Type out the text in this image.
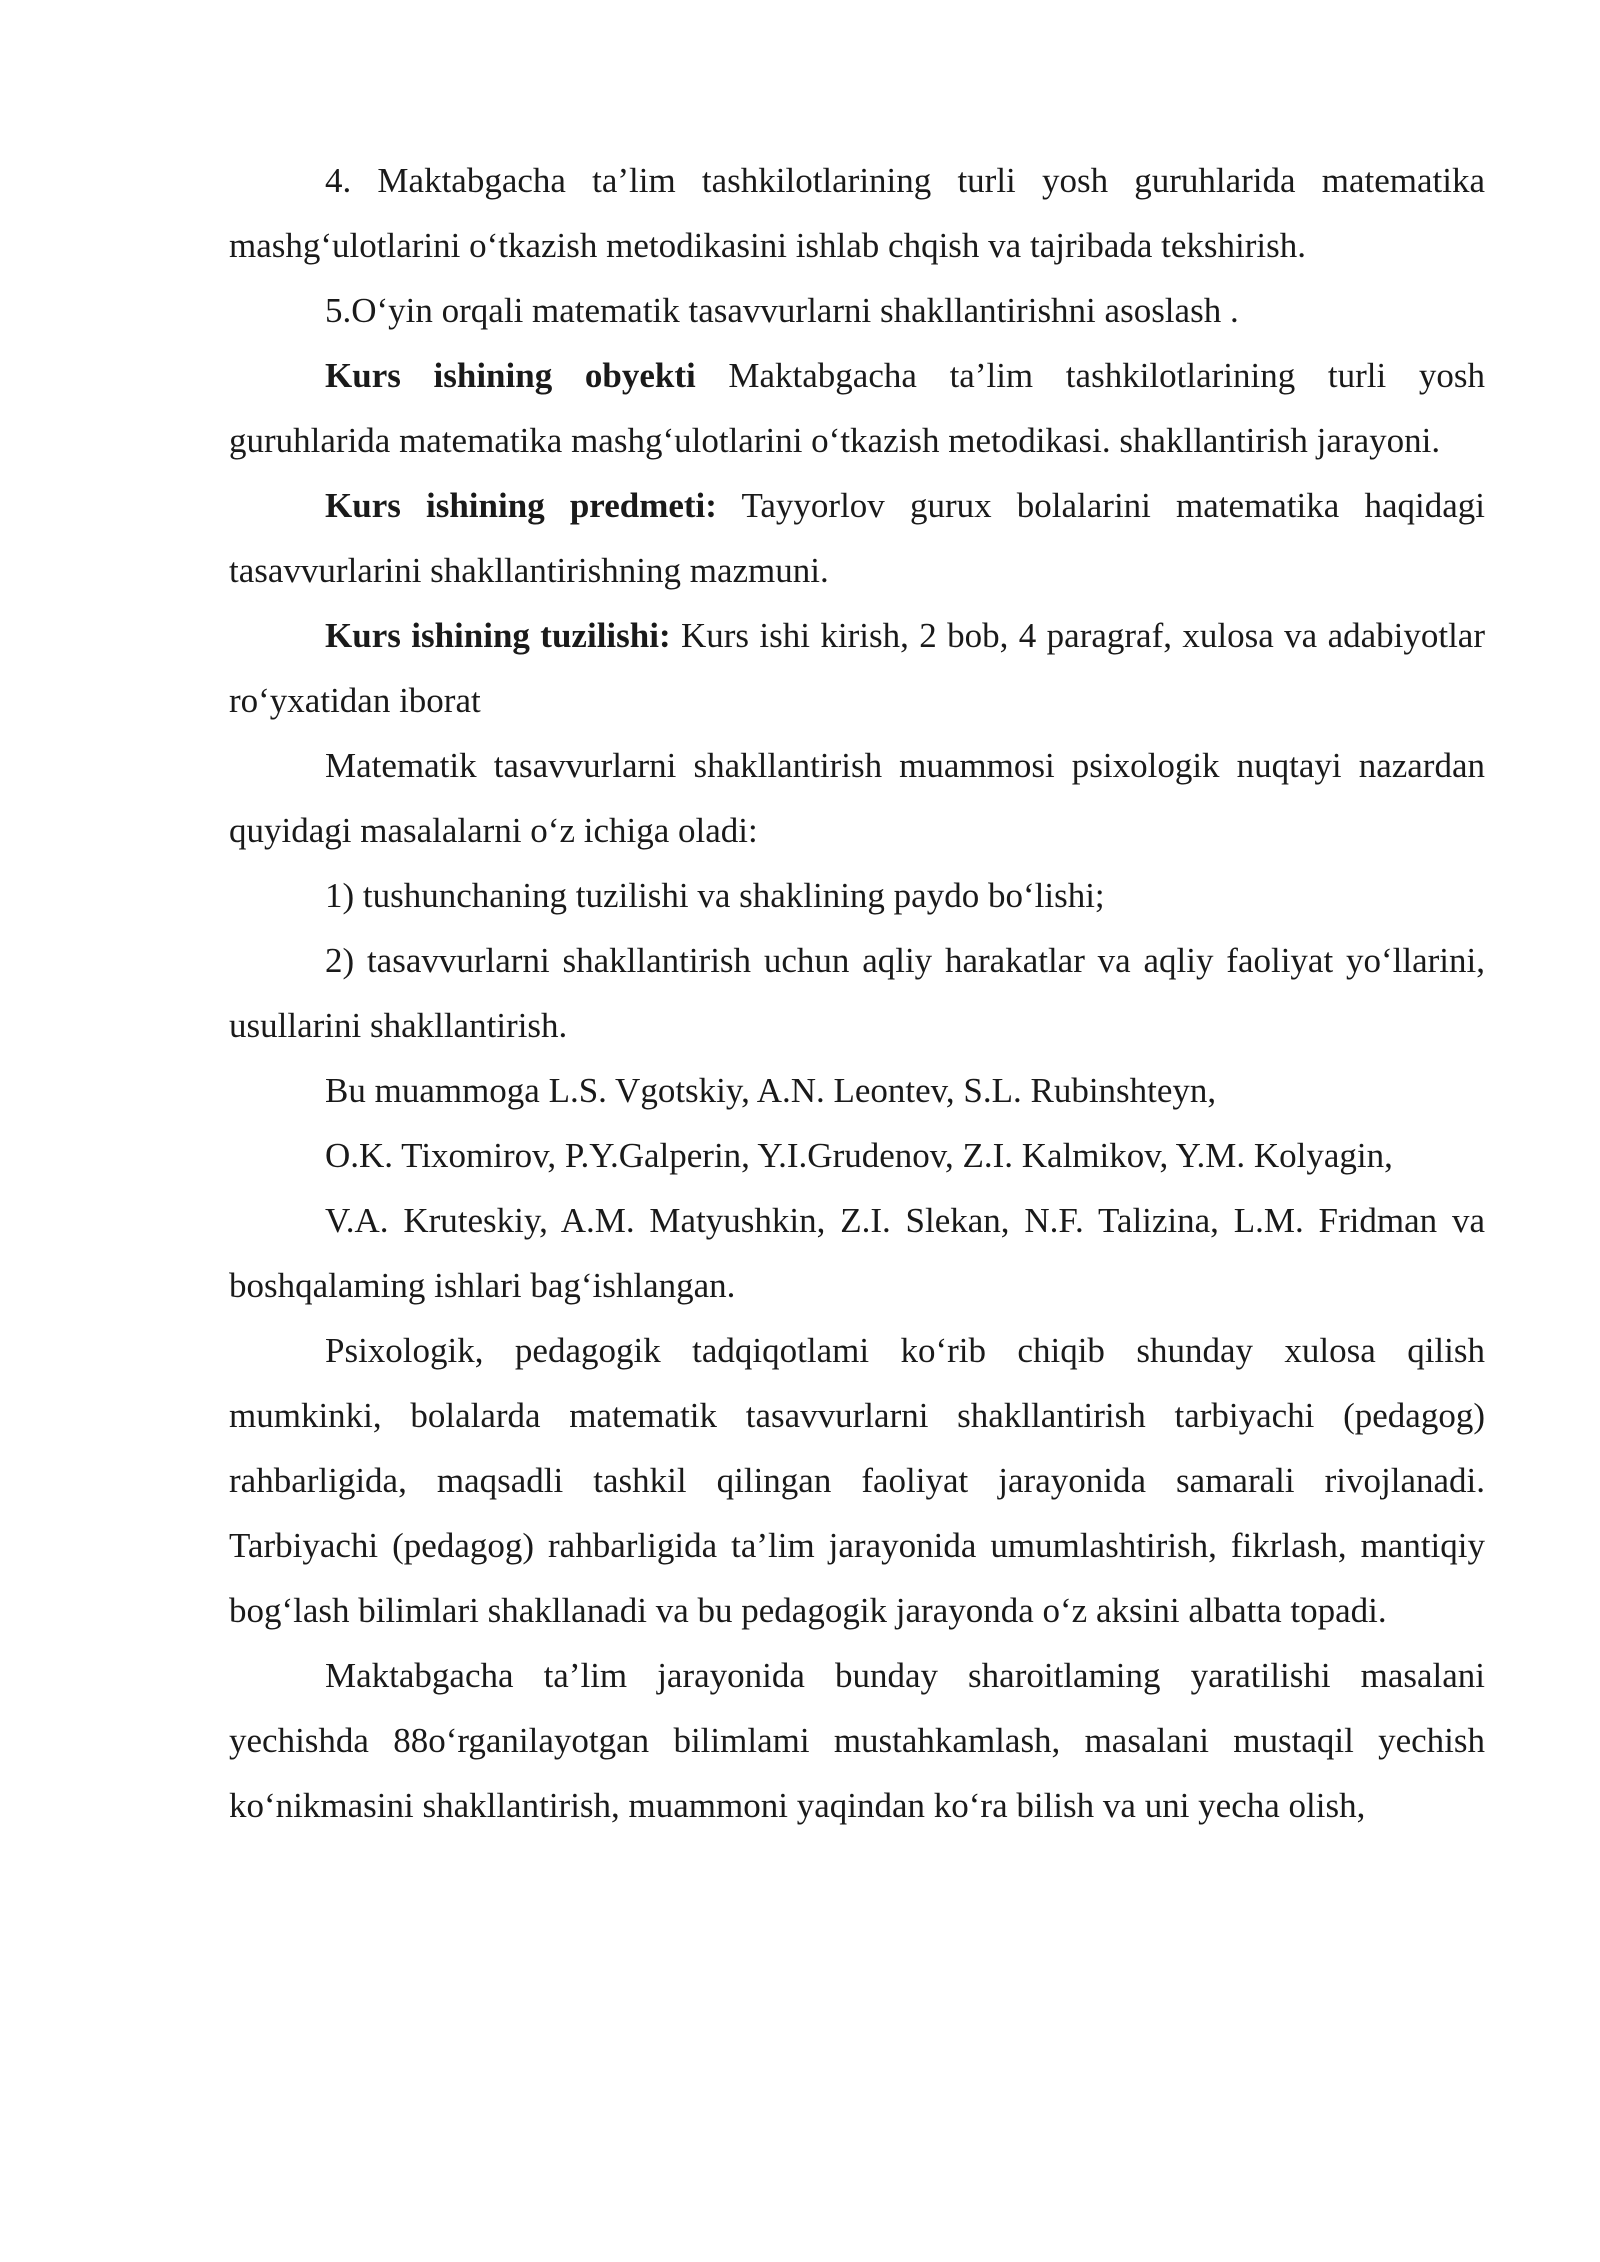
4. Maktabgacha ta’lim tashkilotlarining turli yosh guruhlarida matematika mashg‘ulotlarini o‘tkazish metodikasini ishlab chqish va tajribada tekshirish.

5.O‘yin orqali matematik tasavvurlarni shakllantirishni asoslash .

Kurs ishining obyekti Maktabgacha ta’lim tashkilotlarining turli yosh guruhlarida matematika mashg‘ulotlarini o‘tkazish metodikasi. shakllantirish jarayoni.

Kurs ishining predmeti: Tayyorlov gurux bolalarini matematika haqidagi tasavvurlarini shakllantirishning mazmuni.

Kurs ishining tuzilishi: Kurs ishi kirish, 2 bob, 4 paragraf, xulosa va adabiyotlar ro‘yxatidan iborat

Matematik tasavvurlarni shakllantirish muammosi psixologik nuqtayi nazardan quyidagi masalalarni o‘z ichiga oladi:

1) tushunchaning tuzilishi va shaklining paydo bo‘lishi;

2) tasavvurlarni shakllantirish uchun aqliy harakatlar va aqliy faoliyat yo‘llarini, usullarini shakllantirish.

Bu muammoga L.S. Vgotskiy, A.N. Leontev, S.L. Rubinshteyn,

O.K. Tixomirov, P.Y.Galperin, Y.I.Grudenov, Z.I. Kalmikov, Y.M. Kolyagin,

V.A. Kruteskiy, A.M. Matyushkin, Z.I. Slekan, N.F. Talizina, L.M. Fridman va boshqalaming ishlari bag‘ishlangan.

Psixologik, pedagogik tadqiqotlami ko‘rib chiqib shunday xulosa qilish mumkinki, bolalarda matematik tasavvurlarni shakllantirish tarbiyachi (pedagog) rahbarligida, maqsadli tashkil qilingan faoliyat jarayonida samarali rivojlanadi. Tarbiyachi (pedagog) rahbarligida ta’lim jarayonida umumlashtirish, fikrlash, mantiqiy bog‘lash bilimlari shakllanadi va bu pedagogik jarayonda o‘z aksini albatta topadi.

Maktabgacha ta’lim jarayonida bunday sharoitlaming yaratilishi masalani yechishda 88o‘rganilayotgan bilimlami mustahkamlash, masalani mustaqil yechish ko‘nikmasini shakllantirish, muammoni yaqindan ko‘ra bilish va uni yecha olish,
